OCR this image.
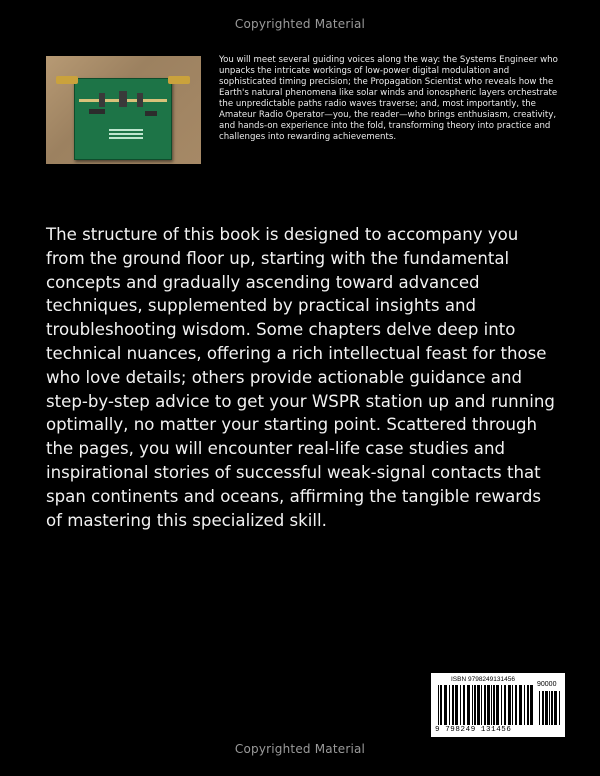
Copyrighted Material

You will meet several guiding voices along the way: the Systems Engineer who unpacks the intricate workings of low-power digital modulation and sophisticated timing precision; the Propagation Scientist who reveals how the Earth's natural phenomena like solar winds and ionospheric layers orchestrate the unpredictable paths radio waves traverse; and, most importantly, the Amateur Radio Operator—you, the reader—who brings enthusiasm, creativity, and hands-on experience into the fold, transforming theory into practice and challenges into rewarding achievements.

The structure of this book is designed to accompany you from the ground floor up, starting with the fundamental concepts and gradually ascending toward advanced techniques, supplemented by practical insights and troubleshooting wisdom. Some chapters delve deep into technical nuances, offering a rich intellectual feast for those who love details; others provide actionable guidance and step-by-step advice to get your WSPR station up and running optimally, no matter your starting point. Scattered through the pages, you will encounter real-life case studies and inspirational stories of successful weak-signal contacts that span continents and oceans, affirming the tangible rewards of mastering this specialized skill.

ISBN 9798249131456
90000
9 798249 131456
Copyrighted Material
